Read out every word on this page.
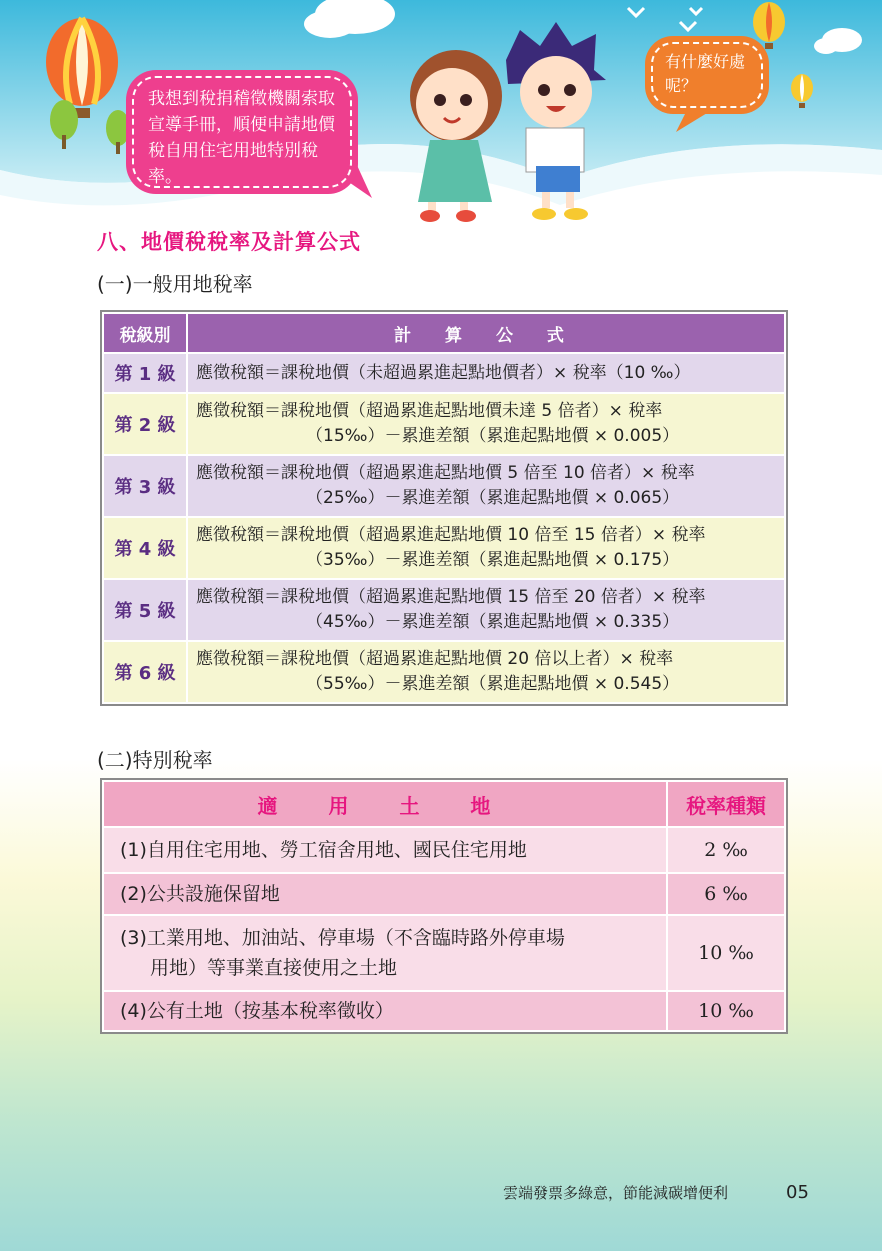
我想到稅捐稽徵機關索取宣導手冊，順便申請地價稅自用住宅用地特別稅率。
有什麼好處呢？
八、地價稅稅率及計算公式
(一)一般用地稅率
稅級別	計 算 公 式
第 1 級	應徵稅額＝課稅地價（未超過累進起點地價者）× 稅率（10 ‰）
第 2 級	應徵稅額＝課稅地價（超過累進起點地價未達 5 倍者）× 稅率
（15‰）－累進差額（累進起點地價 × 0.005）

第 3 級	應徵稅額＝課稅地價（超過累進起點地價 5 倍至 10 倍者）× 稅率
（25‰）－累進差額（累進起點地價 × 0.065）

第 4 級	應徵稅額＝課稅地價（超過累進起點地價 10 倍至 15 倍者）× 稅率
（35‰）－累進差額（累進起點地價 × 0.175）

第 5 級	應徵稅額＝課稅地價（超過累進起點地價 15 倍至 20 倍者）× 稅率
（45‰）－累進差額（累進起點地價 × 0.335）

第 6 級	應徵稅額＝課稅地價（超過累進起點地價 20 倍以上者）× 稅率
（55‰）－累進差額（累進起點地價 × 0.545）
(二)特別稅率
適 用 土 地	稅率種類
(1)自用住宅用地、勞工宿舍用地、國民住宅用地	2 ‰
(2)公共設施保留地	6 ‰
(3)工業用地、加油站、停車場（不含臨時路外停車場
用地）等事業直接使用之土地	10 ‰
(4)公有土地（按基本稅率徵收）	10 ‰
雲端發票多綠意，節能減碳增便利	05
